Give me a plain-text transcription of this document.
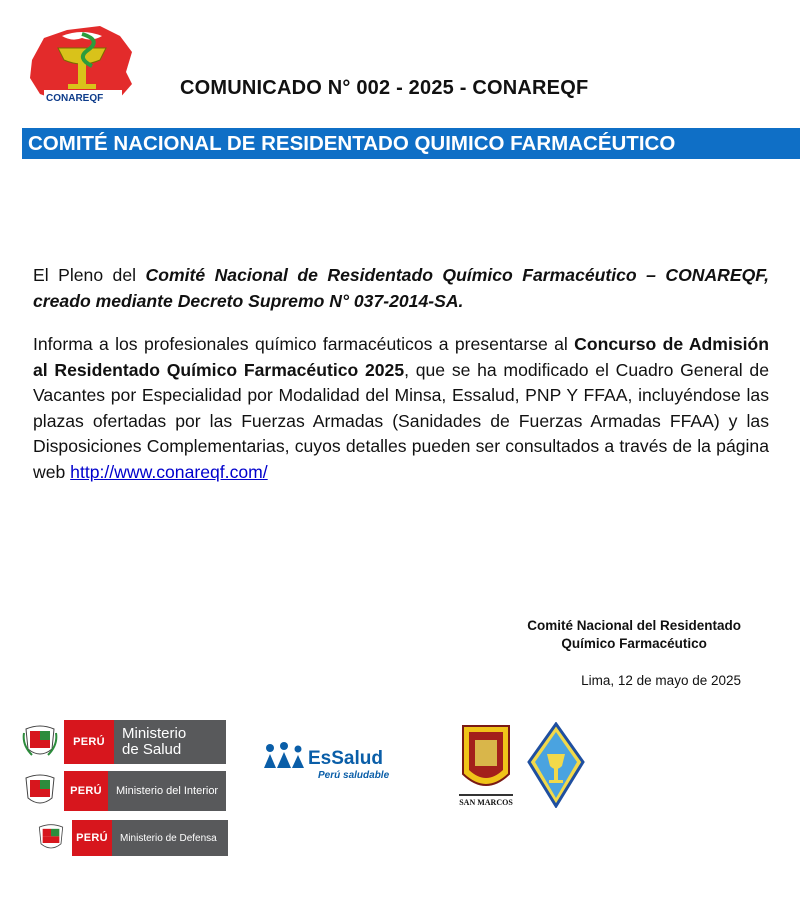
CONAREQF	COMUNICADO N° 002 - 2025 - CONAREQF
COMITÉ NACIONAL DE RESIDENTADO QUIMICO FARMACÉUTICO
El Pleno del Comité Nacional de Residentado Químico Farmacéutico – CONAREQF, creado mediante Decreto Supremo N° 037-2014-SA.
Informa a los profesionales químico farmacéuticos a presentarse al Concurso de Admisión al Residentado Químico Farmacéutico 2025, que se ha modificado el Cuadro General de Vacantes por Especialidad por Modalidad del Minsa, Essalud, PNP Y FFAA, incluyéndose las plazas ofertadas por las Fuerzas Armadas (Sanidades de Fuerzas Armadas FFAA) y las Disposiciones Complementarias, cuyos detalles pueden ser consultados a través de la página web http://www.conareqf.com/
Comité Nacional del Residentado
Químico Farmacéutico
Lima, 12 de mayo de 2025
PERÚ	Ministerio
de Salud
PERÚ	Ministerio del Interior
PERÚ	Ministerio de Defensa
EsSalud
Perú saludable
SAN MARCOS
